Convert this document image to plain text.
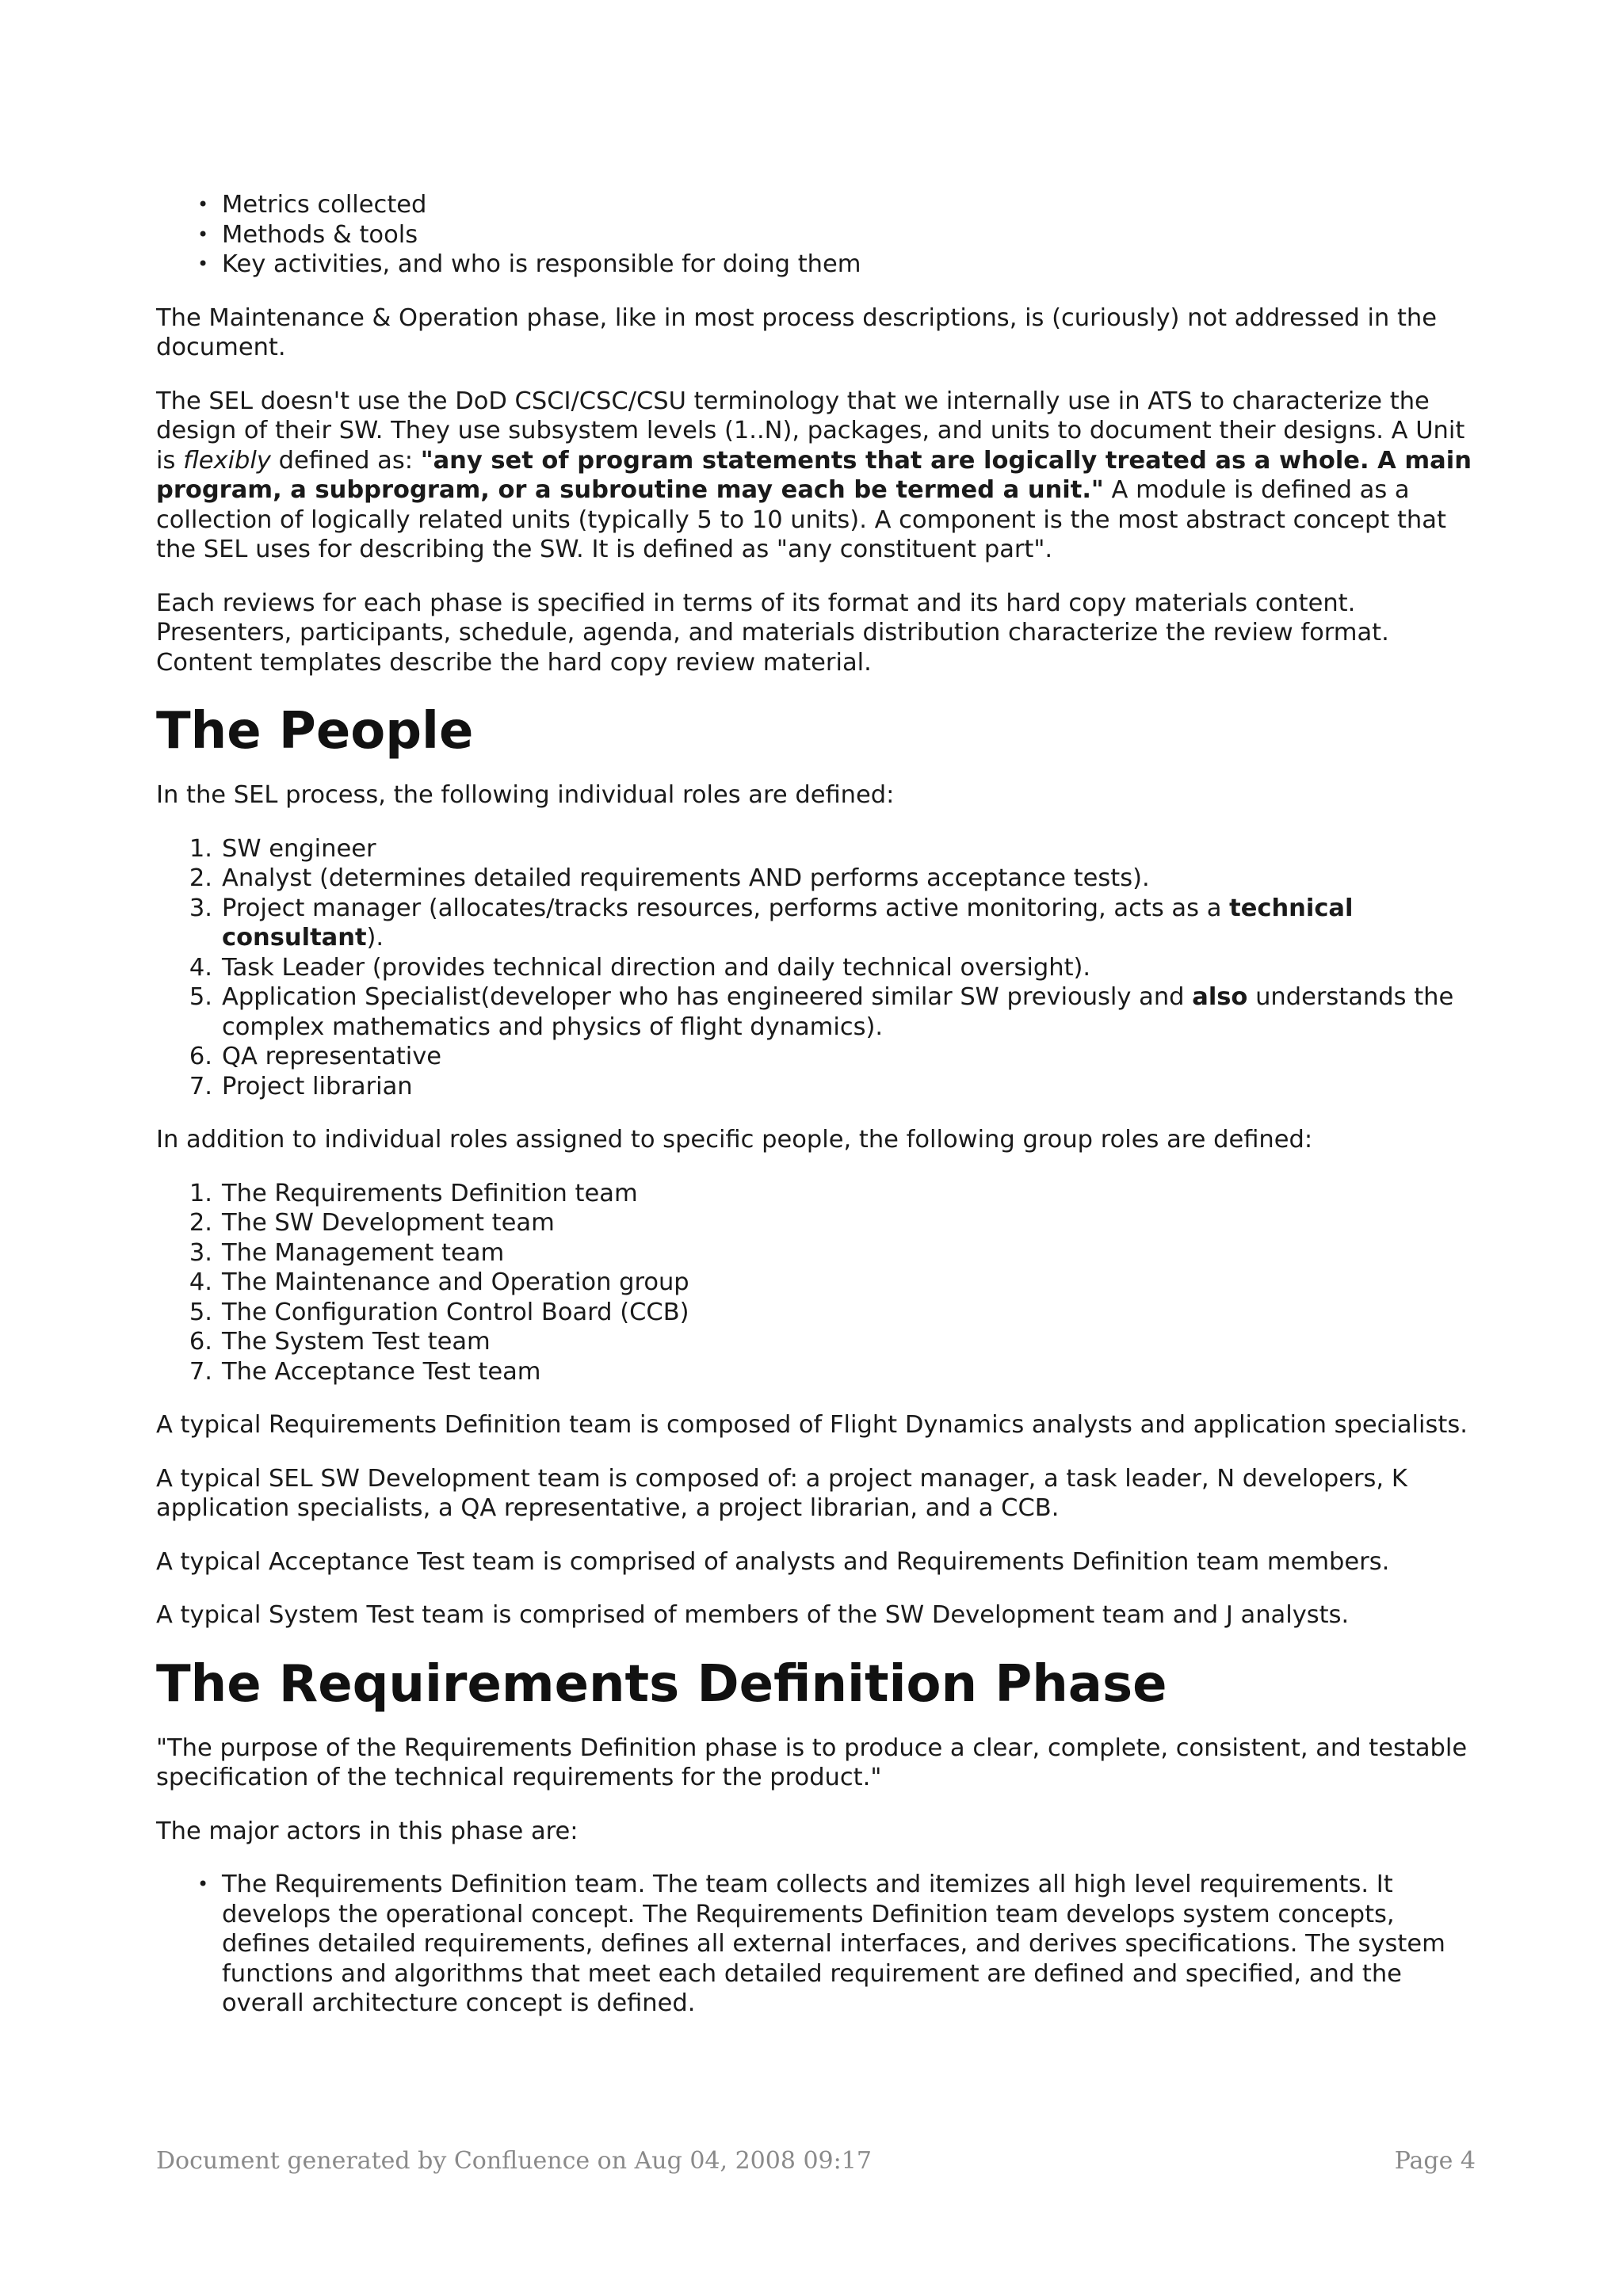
• Metrics collected
• Methods & tools
• Key activities, and who is responsible for doing them

The Maintenance & Operation phase, like in most process descriptions, is (curiously) not addressed in the document.

The SEL doesn't use the DoD CSCI/CSC/CSU terminology that we internally use in ATS to characterize the design of their SW. They use subsystem levels (1..N), packages, and units to document their designs. A Unit is flexibly defined as: "any set of program statements that are logically treated as a whole. A main program, a subprogram, or a subroutine may each be termed a unit." A module is defined as a collection of logically related units (typically 5 to 10 units). A component is the most abstract concept that the SEL uses for describing the SW. It is defined as "any constituent part".

Each reviews for each phase is specified in terms of its format and its hard copy materials content. Presenters, participants, schedule, agenda, and materials distribution characterize the review format. Content templates describe the hard copy review material.

The People

In the SEL process, the following individual roles are defined:

1. SW engineer
2. Analyst (determines detailed requirements AND performs acceptance tests).
3. Project manager (allocates/tracks resources, performs active monitoring, acts as a technical consultant).
4. Task Leader (provides technical direction and daily technical oversight).
5. Application Specialist(developer who has engineered similar SW previously and also understands the complex mathematics and physics of flight dynamics).
6. QA representative
7. Project librarian

In addition to individual roles assigned to specific people, the following group roles are defined:

1. The Requirements Definition team
2. The SW Development team
3. The Management team
4. The Maintenance and Operation group
5. The Configuration Control Board (CCB)
6. The System Test team
7. The Acceptance Test team

A typical Requirements Definition team is composed of Flight Dynamics analysts and application specialists.

A typical SEL SW Development team is composed of: a project manager, a task leader, N developers, K application specialists, a QA representative, a project librarian, and a CCB.

A typical Acceptance Test team is comprised of analysts and Requirements Definition team members.

A typical System Test team is comprised of members of the SW Development team and J analysts.

The Requirements Definition Phase

"The purpose of the Requirements Definition phase is to produce a clear, complete, consistent, and testable specification of the technical requirements for the product."

The major actors in this phase are:

• The Requirements Definition team. The team collects and itemizes all high level requirements. It develops the operational concept. The Requirements Definition team develops system concepts, defines detailed requirements, defines all external interfaces, and derives specifications. The system functions and algorithms that meet each detailed requirement are defined and specified, and the overall architecture concept is defined.
Document generated by Confluence on Aug 04, 2008 09:17	Page 4
